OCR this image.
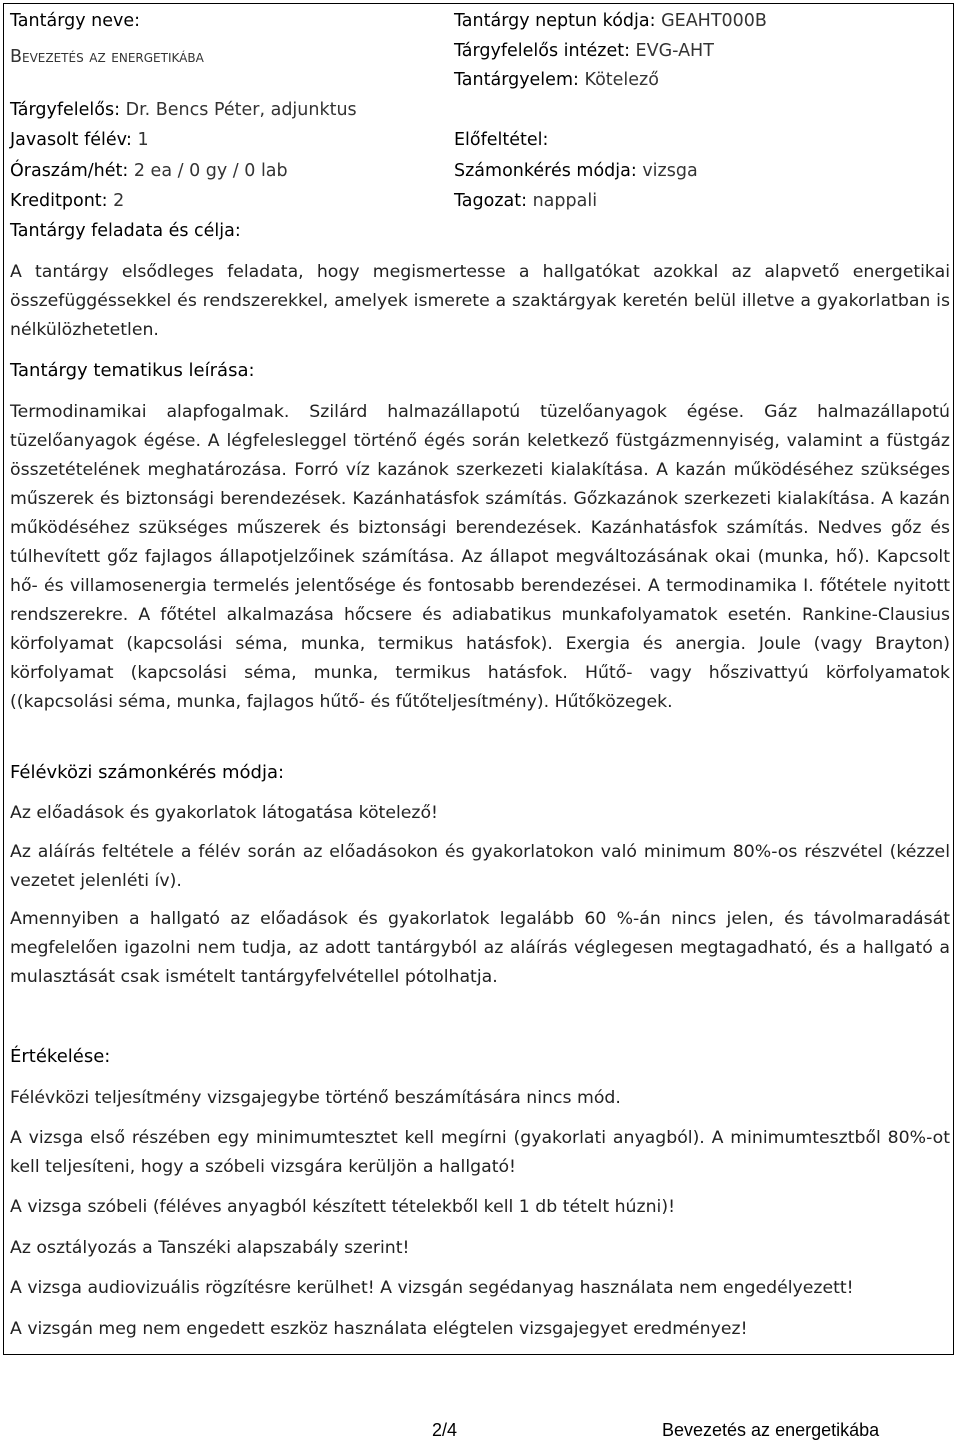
Tantárgy neve:
Bevezetés az energetikába
Tárgyfelelős: Dr. Bencs Péter, adjunktus
Javasolt félév: 1
Óraszám/hét: 2 ea / 0 gy / 0 lab
Kreditpont: 2
Tantárgy feladata és célja:
Tantárgy neptun kódja: GEAHT000B
Tárgyfelelős intézet: EVG-AHT
Tantárgyelem: Kötelező
Előfeltétel:
Számonkérés módja: vizsga
Tagozat: nappali
A tantárgy elsődleges feladata, hogy megismertesse a hallgatókat azokkal az alapvető energetikai összefüggéssekkel és rendszerekkel, amelyek ismerete a szaktárgyak keretén belül illetve a gyakorlatban is nélkülözhetetlen.
Tantárgy tematikus leírása:
Termodinamikai alapfogalmak. Szilárd halmazállapotú tüzelőanyagok égése. Gáz halmazállapotú tüzelőanyagok égése. A légfelesleggel történő égés során keletkező füstgázmennyiség, valamint a füstgáz összetételének meghatározása. Forró víz kazánok szerkezeti kialakítása. A kazán működéséhez szükséges műszerek és biztonsági berendezések. Kazánhatásfok számítás. Gőzkazánok szerkezeti kialakítása. A kazán működéséhez szükséges műszerek és biztonsági berendezések. Kazánhatásfok számítás. Nedves gőz és túlhevített gőz fajlagos állapotjelzőinek számítása. Az állapot megváltozásának okai (munka, hő). Kapcsolt hő- és villamosenergia termelés jelentősége és fontosabb berendezései. A termodinamika I. főtétele nyitott rendszerekre. A főtétel alkalmazása hőcsere és adiabatikus munkafolyamatok esetén. Rankine-Clausius körfolyamat (kapcsolási séma, munka, termikus hatásfok). Exergia és anergia. Joule (vagy Brayton) körfolyamat (kapcsolási séma, munka, termikus hatásfok. Hűtő- vagy hőszivattyú körfolyamatok ((kapcsolási séma, munka, fajlagos hűtő- és fűtőteljesítmény). Hűtőközegek.
Félévközi számonkérés módja:
Az előadások és gyakorlatok látogatása kötelező!
Az aláírás feltétele a félév során az előadásokon és gyakorlatokon való minimum 80%-os részvétel (kézzel vezetet jelenléti ív).
Amennyiben a hallgató az előadások és gyakorlatok legalább 60 %-án nincs jelen, és távolmaradását megfelelően igazolni nem tudja, az adott tantárgyból az aláírás véglegesen megtagadható, és a hallgató a mulasztását csak ismételt tantárgyfelvétellel pótolhatja.
Értékelése:
Félévközi teljesítmény vizsgajegybe történő beszámítására nincs mód.
A vizsga első részében egy minimumtesztet kell megírni (gyakorlati anyagból). A minimumtesztből 80%-ot kell teljesíteni, hogy a szóbeli vizsgára kerüljön a hallgató!
A vizsga szóbeli (féléves anyagból készített tételekből kell 1 db tételt húzni)!
Az osztályozás a Tanszéki alapszabály szerint!
A vizsga audiovizuális rögzítésre kerülhet! A vizsgán segédanyag használata nem engedélyezett!
A vizsgán meg nem engedett eszköz használata elégtelen vizsgajegyet eredményez!
2/4	Bevezetés az energetikába
